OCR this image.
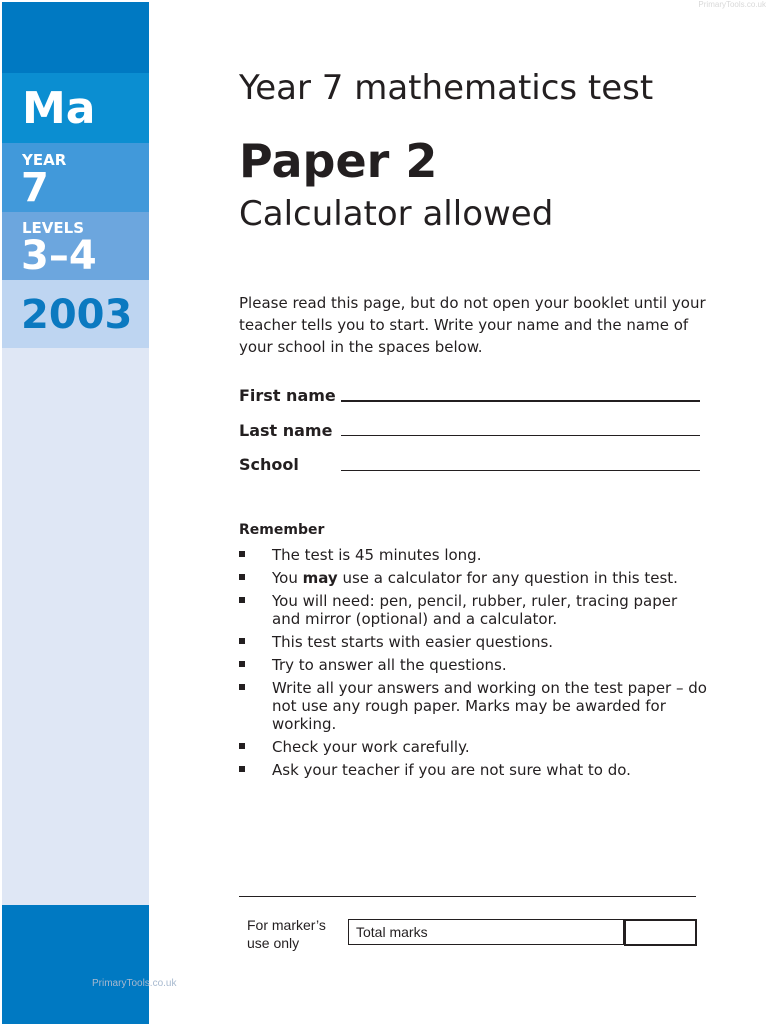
Ma
YEAR
7
LEVELS
3–4
2003
PrimaryTools.co.uk
PrimaryTools.co.uk
Year 7 mathematics test
Paper 2
Calculator allowed
Please read this page, but do not open your booklet until your teacher tells you to start. Write your name and the name of your school in the spaces below.
First name
Last name
School
Remember
The test is 45 minutes long.
You may use a calculator for any question in this test.
You will need: pen, pencil, rubber, ruler, tracing paper and mirror (optional) and a calculator.
This test starts with easier questions.
Try to answer all the questions.
Write all your answers and working on the test paper – do not use any rough paper. Marks may be awarded for working.
Check your work carefully.
Ask your teacher if you are not sure what to do.
For marker’s
use only
Total marks
